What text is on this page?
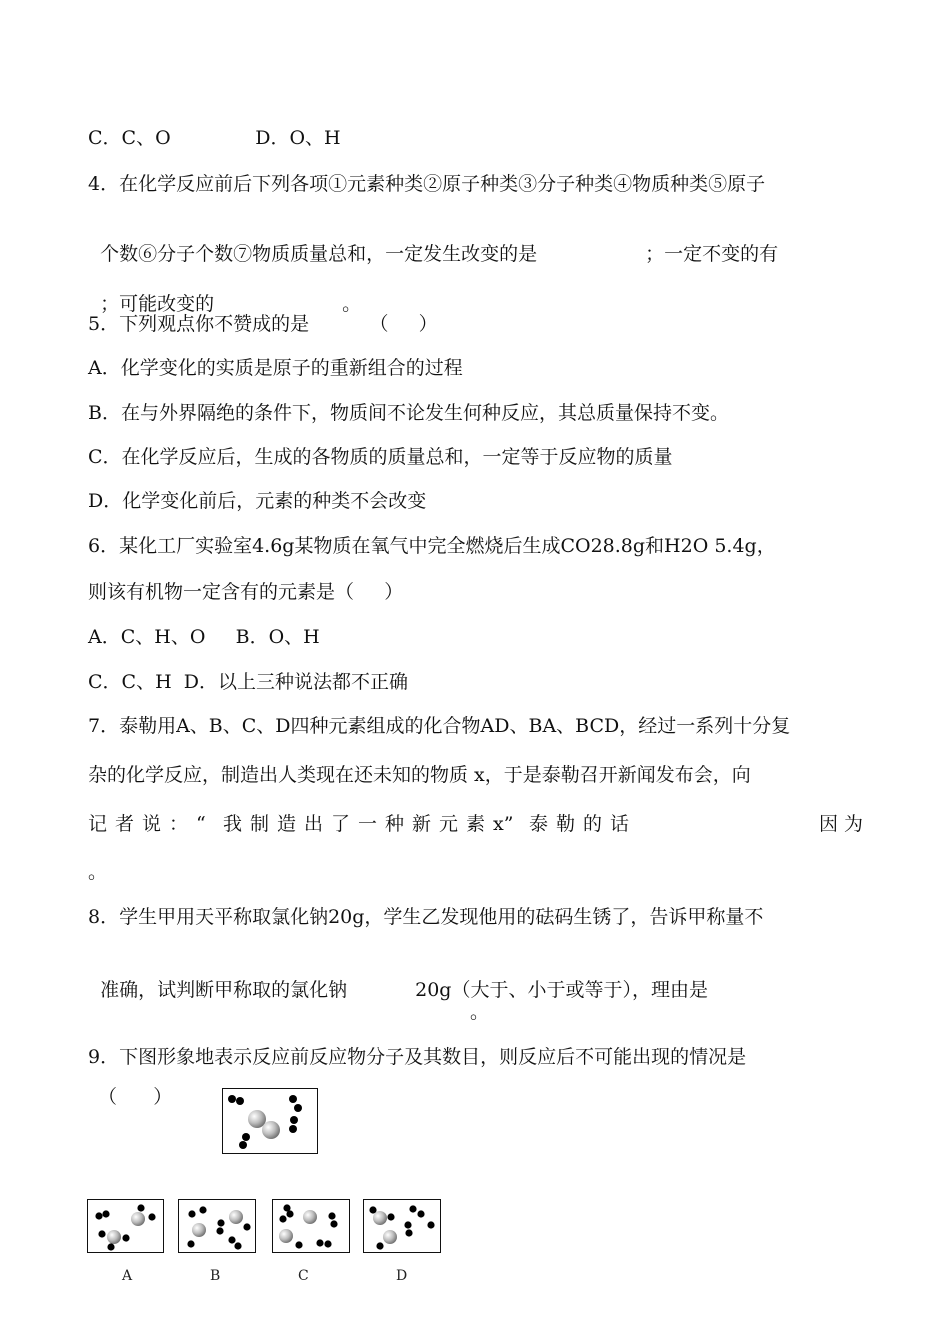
C．C、O              D．O、H
4．在化学反应前后下列各项①元素种类②原子种类③分子种类④物质种类⑤原子

个数⑥分子个数⑦物质质量总和，一定发生改变的是	；一定不变的有

；可能改变的	。

5．下列观点你不赞成的是          （     ）
A．化学变化的实质是原子的重新组合的过程
B．在与外界隔绝的条件下，物质间不论发生何种反应，其总质量保持不变。
C．在化学反应后，生成的各物质的质量总和，一定等于反应物的质量
D．化学变化前后，元素的种类不会改变
6．某化工厂实验室4.6g某物质在氧气中完全燃烧后生成CO28.8g和H2O 5.4g，
则该有机物一定含有的元素是（     ）
A．C、H、O     B．O、H
C．C、H  D．以上三种说法都不正确
7．泰勒用A、B、C、D四种元素组成的化合物AD、BA、BCD，经过一系列十分复
杂的化学反应，制造出人类现在还未知的物质 x，于是泰勒召开新闻发布会，向

记 者 说 ： “ 我 制 造 出 了 一 种 新 元 素 x” 泰 勒 的 话

	因 为

。
8．学生甲用天平称取氯化钠20g，学生乙发现他用的砝码生锈了，告诉甲称量不

准确，试判断甲称取的氯化钠	20g（大于、小于或等于），理由是

。
9．下图形象地表示反应前反应物分子及其数目，则反应后不可能出现的情况是
（      ）
A	B	C	D
